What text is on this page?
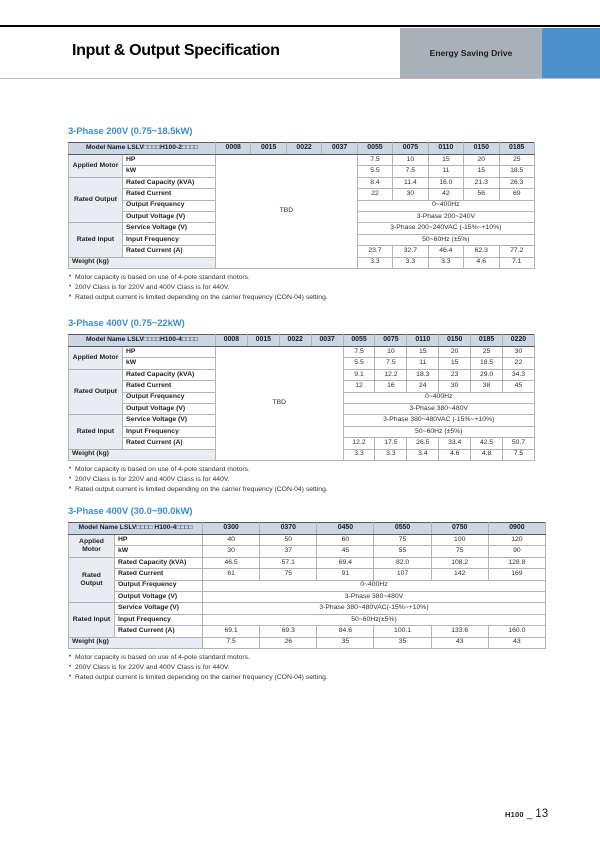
Input & Output Specification	Energy Saving Drive
3-Phase 200V (0.75~18.5kW)
Model Name LSLV□□□□H100-2□□□□		0008	0015	0022	0037	0055	0075	0110	0150	0185
Applied Motor	HP	TBD				7.5	10	15	20	25
	kW					5.5	7.5	11	15	18.5
Rated Output	Rated Capacity (kVA)					8.4	11.4	16.0	21.3	26.3
	Rated Current					22	30	42	56	69
	Output Frequency					0~400Hz				
	Output Voltage (V)					3-Phase 200~240V				
Rated Input	Service Voltage (V)					3-Phase 200~240VAC (-15%~+10%)				
	Input Frequency					50~60Hz (±5%)				
	Rated Current (A)					23.7	32.7	46.4	62.3	77.2
Weight (kg)						3.3	3.3	3.3	4.6	7.1
• Motor capacity is based on use of 4-pole standard motors.
• 200V Class is for 220V and 400V Class is for 440V.
• Rated output current is limited depending on the carrier frequency (CON-04) setting.
3-Phase 400V (0.75~22kW)
Model Name LSLV□□□□H100-4□□□□		0008	0015	0022	0037	0055	0075	0110	0150	0185	0220
Applied Motor	HP	TBD				7.5	10	15	20	25	30
	kW					5.5	7.5	11	15	18.5	22
Rated Output	Rated Capacity (kVA)					9.1	12.2	18.3	23	29.0	34.3
	Rated Current					12	16	24	30	38	45
	Output Frequency					0~400Hz					
	Output Voltage (V)					3-Phase 380~480V					
Rated Input	Service Voltage (V)					3-Phase 380~480VAC (-15%~+10%)					
	Input Frequency					50~60Hz (±5%)					
	Rated Current (A)					12.2	17.5	26.5	33.4	42.5	50.7
Weight (kg)						3.3	3.3	3.4	4.6	4.8	7.5
• Motor capacity is based on use of 4-pole standard motors.
• 200V Class is for 220V and 400V Class is for 440V.
• Rated output current is limited depending on the carrier frequency (CON-04) setting.
3-Phase 400V (30.0~90.0kW)
Model Name LSLV□□□□ H100-4□□□□		0300	0370	0450	0550	0750	0900
Applied Motor	HP	40	50	60	75	100	120
	kW	30	37	45	55	75	90
Rated Output	Rated Capacity (kVA)	46.5	57.1	69.4	82.0	108.2	128.8
	Rated Current	61	75	91	107	142	169
	Output Frequency	0~400Hz					
	Output Voltage (V)	3-Phase 380~480V					
Rated Input	Service Voltage (V)	3-Phase 380~480VAC(-15%~+10%)					
	Input Frequency	50~60Hz(±5%)					
	Rated Current (A)	69.1	69.3	84.6	100.1	133.6	160.0
Weight (kg)		7.5	26	35	35	43	43
• Motor capacity is based on use of 4-pole standard motors.
• 200V Class is for 220V and 400V Class is for 440V.
• Rated output current is limited depending on the carrier frequency (CON-04) setting.
H100 _ 13
